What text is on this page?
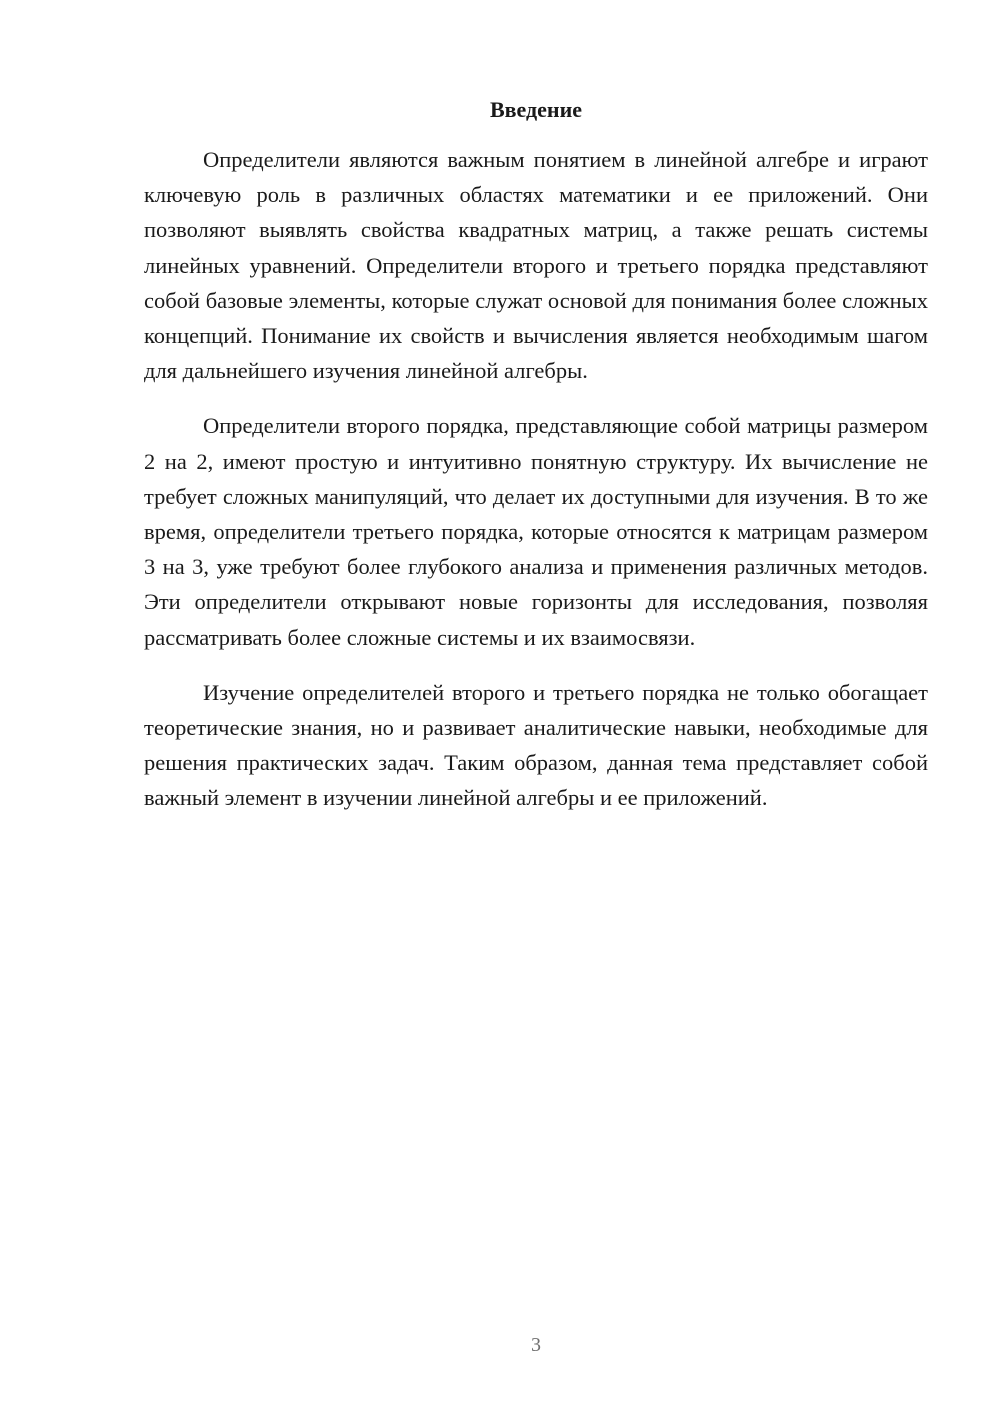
Введение

Определители являются важным понятием в линейной алгебре и играют ключевую роль в различных областях математики и ее приложений. Они позволяют выявлять свойства квадратных матриц, а также решать системы линейных уравнений. Определители второго и третьего порядка представляют собой базовые элементы, которые служат основой для понимания более сложных концепций. Понимание их свойств и вычисления является необходимым шагом для дальнейшего изучения линейной алгебры.

Определители второго порядка, представляющие собой матрицы размером 2 на 2, имеют простую и интуитивно понятную структуру. Их вычисление не требует сложных манипуляций, что делает их доступными для изучения. В то же время, определители третьего порядка, которые относятся к матрицам размером 3 на 3, уже требуют более глубокого анализа и применения различных методов. Эти определители открывают новые горизонты для исследования, позволяя рассматривать более сложные системы и их взаимосвязи.

Изучение определителей второго и третьего порядка не только обогащает теоретические знания, но и развивает аналитические навыки, необходимые для решения практических задач. Таким образом, данная тема представляет собой важный элемент в изучении линейной алгебры и ее приложений.

3
